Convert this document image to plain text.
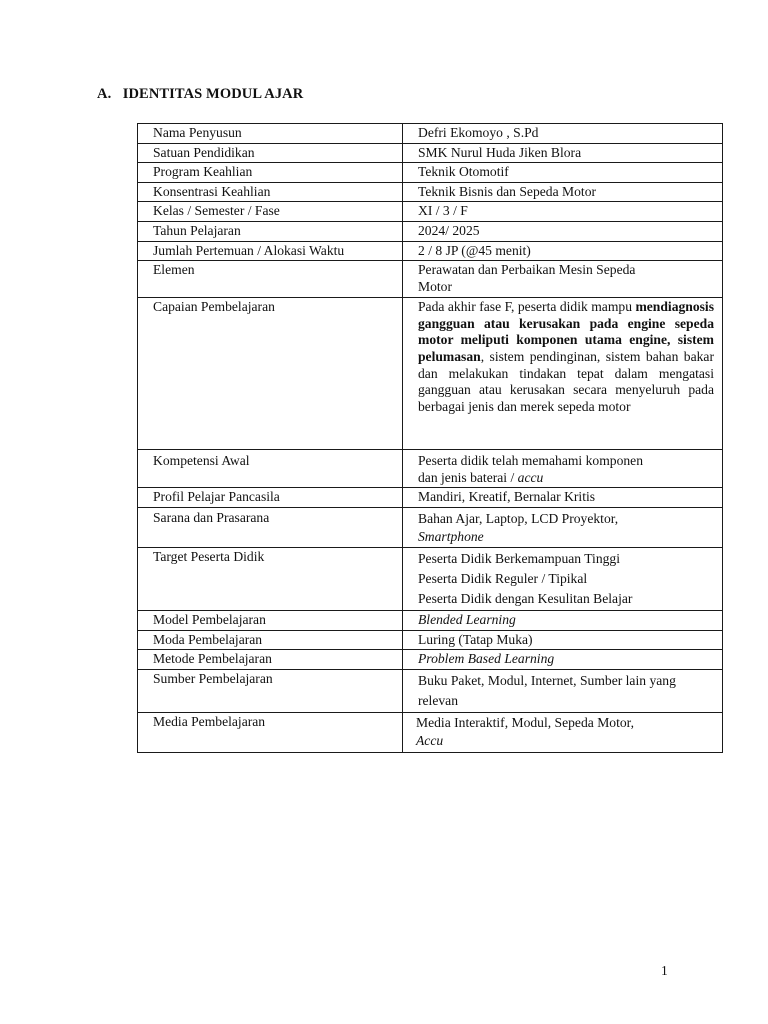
A. IDENTITAS MODUL AJAR
Nama Penyusun	Defri Ekomoyo , S.Pd
Satuan Pendidikan	SMK Nurul Huda Jiken Blora
Program Keahlian	Teknik Otomotif
Konsentrasi Keahlian	Teknik Bisnis dan Sepeda Motor
Kelas / Semester / Fase	XI / 3 / F
Tahun Pelajaran	2024/ 2025
Jumlah Pertemuan / Alokasi Waktu	2 / 8 JP (@45 menit)
Elemen	Perawatan dan Perbaikan Mesin Sepeda
Motor

Capaian Pembelajaran	Pada akhir fase F, peserta didik mampu mendiagnosis gangguan atau kerusakan pada engine sepeda motor meliputi komponen utama engine, sistem pelumasan, sistem pendinginan, sistem bahan bakar dan melakukan tindakan tepat dalam mengatasi gangguan atau kerusakan secara menyeluruh pada berbagai jenis dan merek sepeda motor

Kompetensi Awal	Peserta didik telah memahami komponen
dan jenis baterai / accu

Profil Pelajar Pancasila	Mandiri, Kreatif, Bernalar Kritis
Sarana dan Prasarana	Bahan Ajar, Laptop, LCD Proyektor,
Smartphone

Target Peserta Didik	Peserta Didik Berkemampuan Tinggi
Peserta Didik Reguler / Tipikal
Peserta Didik dengan Kesulitan Belajar

Model Pembelajaran	Blended Learning
Moda Pembelajaran	Luring (Tatap Muka)
Metode Pembelajaran	Problem Based Learning
Sumber Pembelajaran	Buku Paket, Modul, Internet, Sumber lain yang
relevan

Media Pembelajaran	Media Interaktif, Modul, Sepeda Motor,
Accu
1
